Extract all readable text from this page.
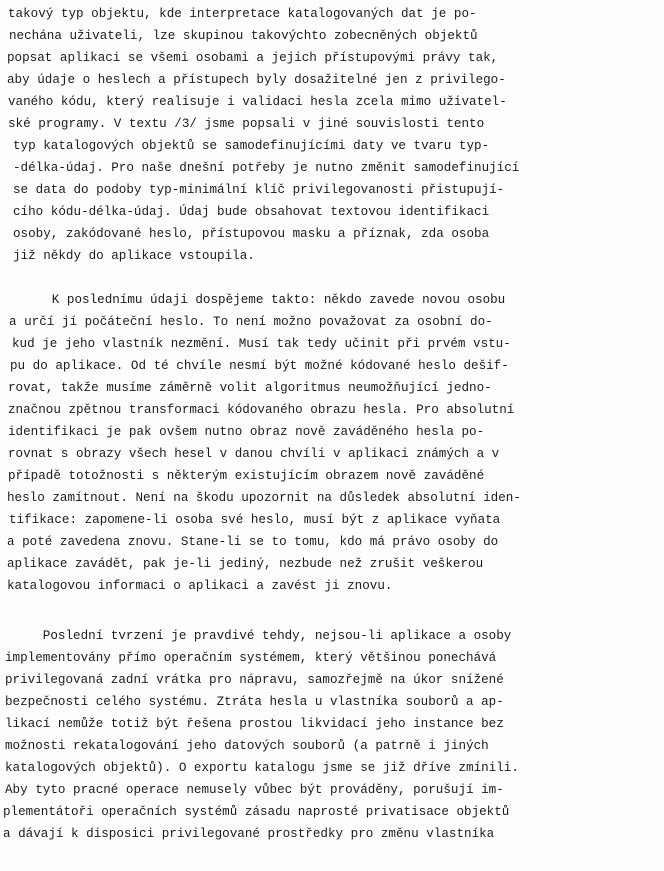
takový typ objektu, kde interpretace katalogovaných dat je po-
nechána uživateli, lze skupinou takovýchto zobecněných objektů
popsat aplikaci se všemi osobami a jejich přístupovými právy tak,
aby údaje o heslech a přístupech byly dosažitelné jen z privilego-
vaného kódu, který realisuje i validaci hesla zcela mimo uživatel-
ské programy. V textu /3/ jsme popsali v jiné souvislosti tento
typ katalogových objektů se samodefinujícími daty ve tvaru typ-
-délka-údaj. Pro naše dnešní potřeby je nutno změnit samodefinující
se data do podoby typ-minimální klíč privilegovanosti přistupují-
cího kódu-délka-údaj. Údaj bude obsahovat textovou identifikaci
osoby, zakódované heslo, přístupovou masku a příznak, zda osoba
již někdy do aplikace vstoupila.
K poslednímu údaji dospějeme takto: někdo zavede novou osobu
a určí jí počáteční heslo. To není možno považovat za osobní do-
kud je jeho vlastník nezmění. Musí tak tedy učinit při prvém vstu-
pu do aplikace. Od té chvíle nesmí být možné kódované heslo dešif-
rovat, takže musíme záměrně volit algoritmus neumožňující jedno-
značnou zpětnou transformaci kódovaného obrazu hesla. Pro absolutní
identifikaci je pak ovšem nutno obraz nově zaváděného hesla po-
rovnat s obrazy všech hesel v danou chvíli v aplikaci známých a v
případě totožnosti s některým existujícím obrazem nově zaváděné
heslo zamítnout. Není na škodu upozornit na důsledek absolutní iden-
tifikace: zapomene-li osoba své heslo, musí být z aplikace vyňata
a poté zavedena znovu. Stane-li se to tomu, kdo má právo osoby do
aplikace zavádět, pak je-li jediný, nezbude než zrušit veškerou
katalogovou informaci o aplikaci a zavést ji znovu.
Poslední tvrzení je pravdivé tehdy, nejsou-li aplikace a osoby
implementovány přímo operačním systémem, který většinou ponechává
privilegovaná zadní vrátka pro nápravu, samozřejmě na úkor snížené
bezpečnosti celého systému. Ztráta hesla u vlastníka souborů a ap-
likací nemůže totiž být řešena prostou likvidací jeho instance bez
možnosti rekatalogování jeho datových souborů (a patrně i jiných
katalogových objektů). O exportu katalogu jsme se již dříve zmínili.
Aby tyto pracné operace nemusely vůbec být prováděny, porušují im-
plementátoři operačních systémů zásadu naprosté privatisace objektů
a dávají k disposici privilegované prostředky pro změnu vlastníka
